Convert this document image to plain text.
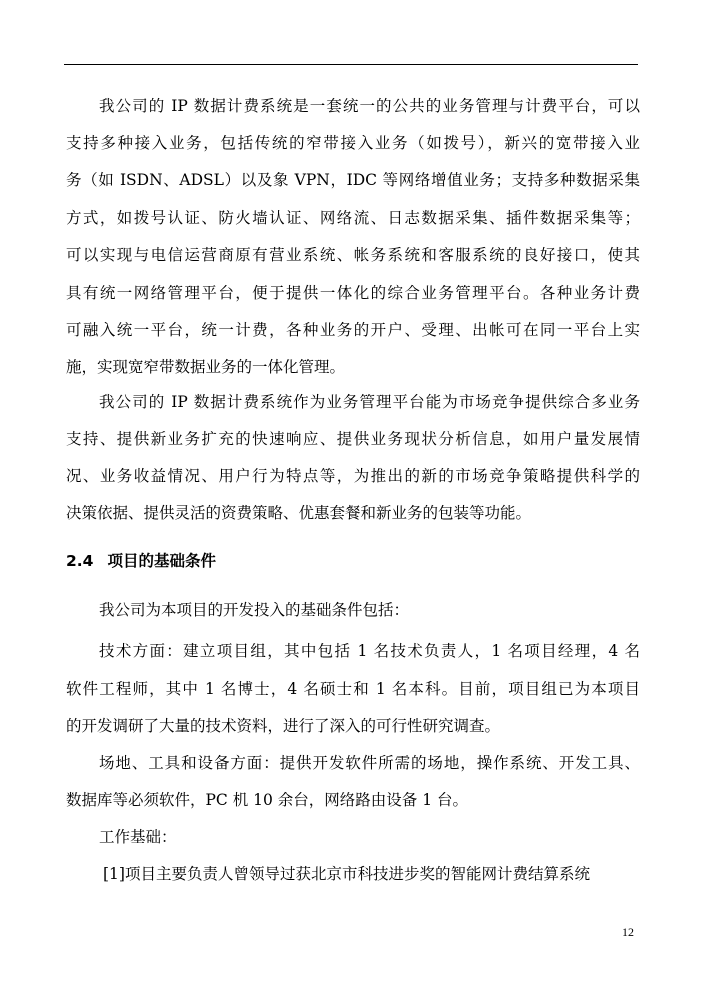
我公司的 IP 数据计费系统是一套统一的公共的业务管理与计费平台，可以
支持多种接入业务，包括传统的窄带接入业务（如拨号），新兴的宽带接入业
务（如 ISDN、ADSL）以及象 VPN，IDC 等网络增值业务；支持多种数据采集
方式，如拨号认证、防火墙认证、网络流、日志数据采集、插件数据采集等；
可以实现与电信运营商原有营业系统、帐务系统和客服系统的良好接口，使其
具有统一网络管理平台，便于提供一体化的综合业务管理平台。各种业务计费
可融入统一平台，统一计费，各种业务的开户、受理、出帐可在同一平台上实
施，实现宽窄带数据业务的一体化管理。
我公司的 IP 数据计费系统作为业务管理平台能为市场竞争提供综合多业务
支持、提供新业务扩充的快速响应、提供业务现状分析信息，如用户量发展情
况、业务收益情况、用户行为特点等，为推出的新的市场竞争策略提供科学的
决策依据、提供灵活的资费策略、优惠套餐和新业务的包装等功能。
2.4 项目的基础条件
我公司为本项目的开发投入的基础条件包括：
技术方面：建立项目组，其中包括 1 名技术负责人，1 名项目经理，4 名
软件工程师，其中 1 名博士，4 名硕士和 1 名本科。目前，项目组已为本项目
的开发调研了大量的技术资料，进行了深入的可行性研究调查。
场地、工具和设备方面：提供开发软件所需的场地，操作系统、开发工具、
数据库等必须软件，PC 机 10 余台，网络路由设备 1 台。
工作基础：
[1]项目主要负责人曾领导过获北京市科技进步奖的智能网计费结算系统
12
